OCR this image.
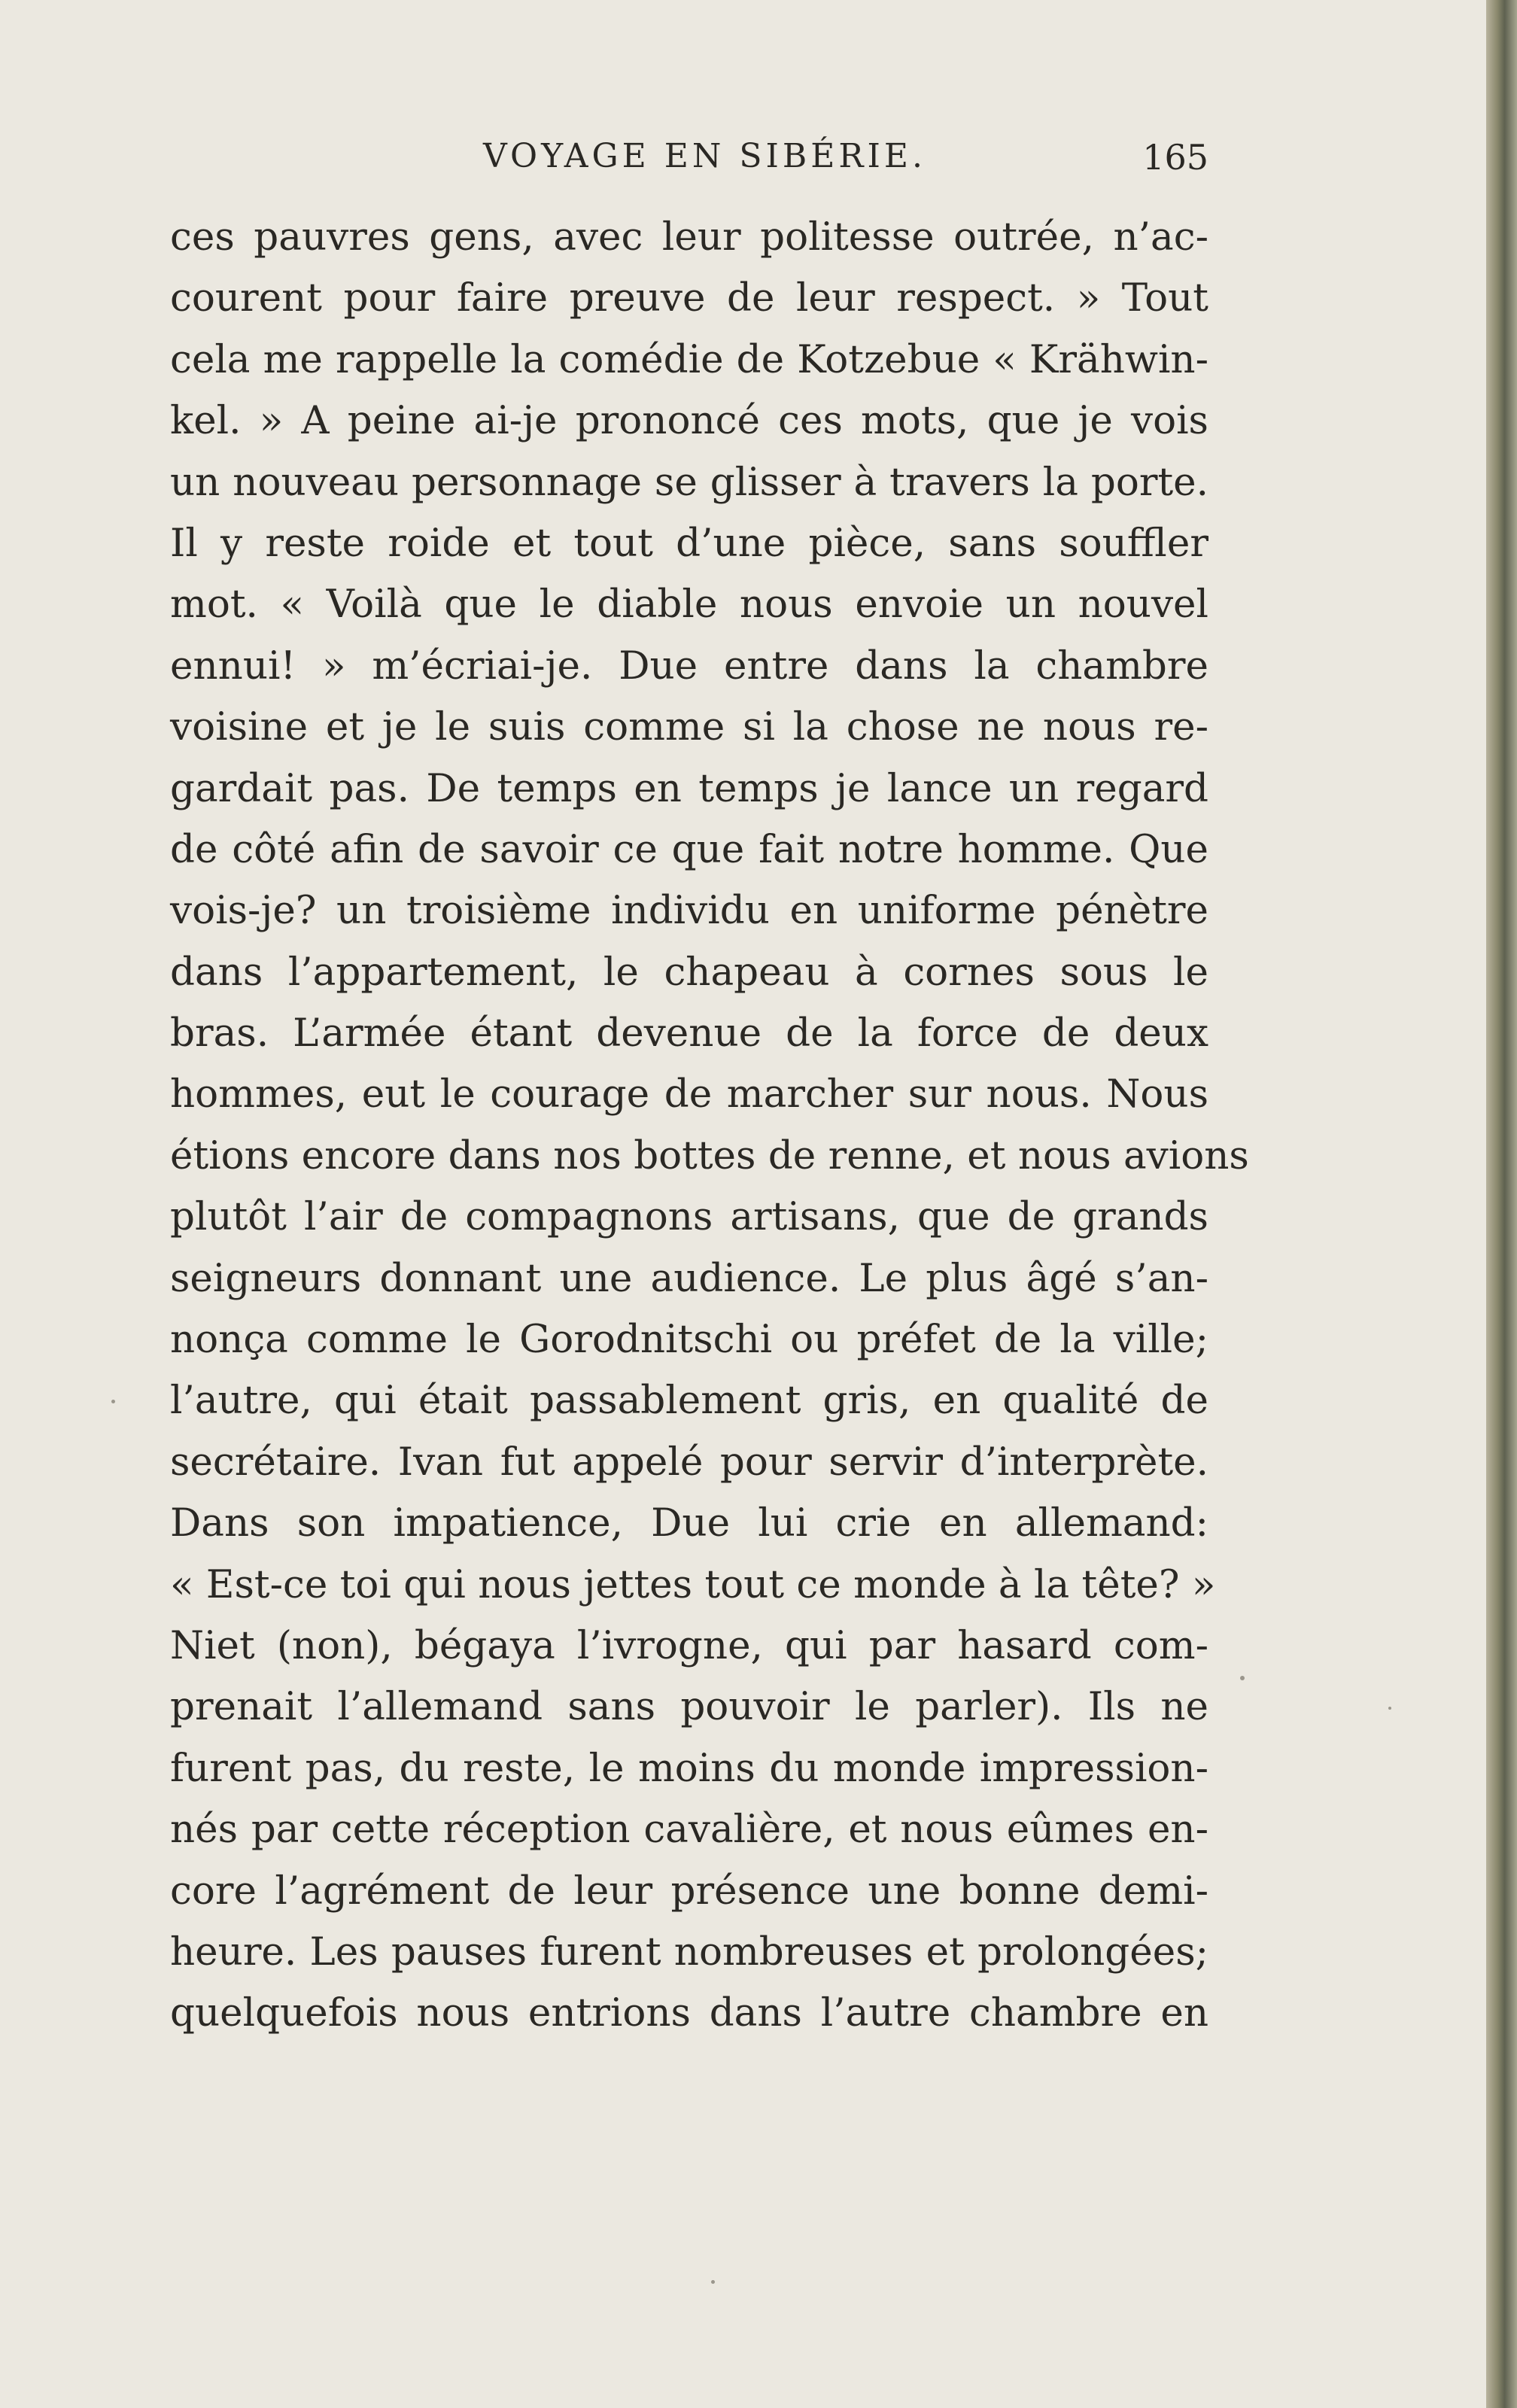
VOYAGE EN SIBÉRIE.	165
ces pauvres gens, avec leur politesse outrée, n’ac-
courent pour faire preuve de leur respect. » Tout
cela me rappelle la comédie de Kotzebue « Krähwin-
kel. » A peine ai-je prononcé ces mots, que je vois
un nouveau personnage se glisser à travers la porte.
Il y reste roide et tout d’une pièce, sans souffler
mot. « Voilà que le diable nous envoie un nouvel
ennui! » m’écriai-je. Due entre dans la chambre
voisine et je le suis comme si la chose ne nous re-
gardait pas. De temps en temps je lance un regard
de côté afin de savoir ce que fait notre homme. Que
vois-je? un troisième individu en uniforme pénètre
dans l’appartement, le chapeau à cornes sous le
bras. L’armée étant devenue de la force de deux
hommes, eut le courage de marcher sur nous. Nous
étions encore dans nos bottes de renne, et nous avions
plutôt l’air de compagnons artisans, que de grands
seigneurs donnant une audience. Le plus âgé s’an-
nonça comme le Gorodnitschi ou préfet de la ville;
l’autre, qui était passablement gris, en qualité de
secrétaire. Ivan fut appelé pour servir d’interprète.
Dans son impatience, Due lui crie en allemand:
« Est-ce toi qui nous jettes tout ce monde à la tête? »
Niet (non), bégaya l’ivrogne, qui par hasard com-
prenait l’allemand sans pouvoir le parler). Ils ne
furent pas, du reste, le moins du monde impression-
nés par cette réception cavalière, et nous eûmes en-
core l’agrément de leur présence une bonne demi-
heure. Les pauses furent nombreuses et prolongées;
quelquefois nous entrions dans l’autre chambre en
